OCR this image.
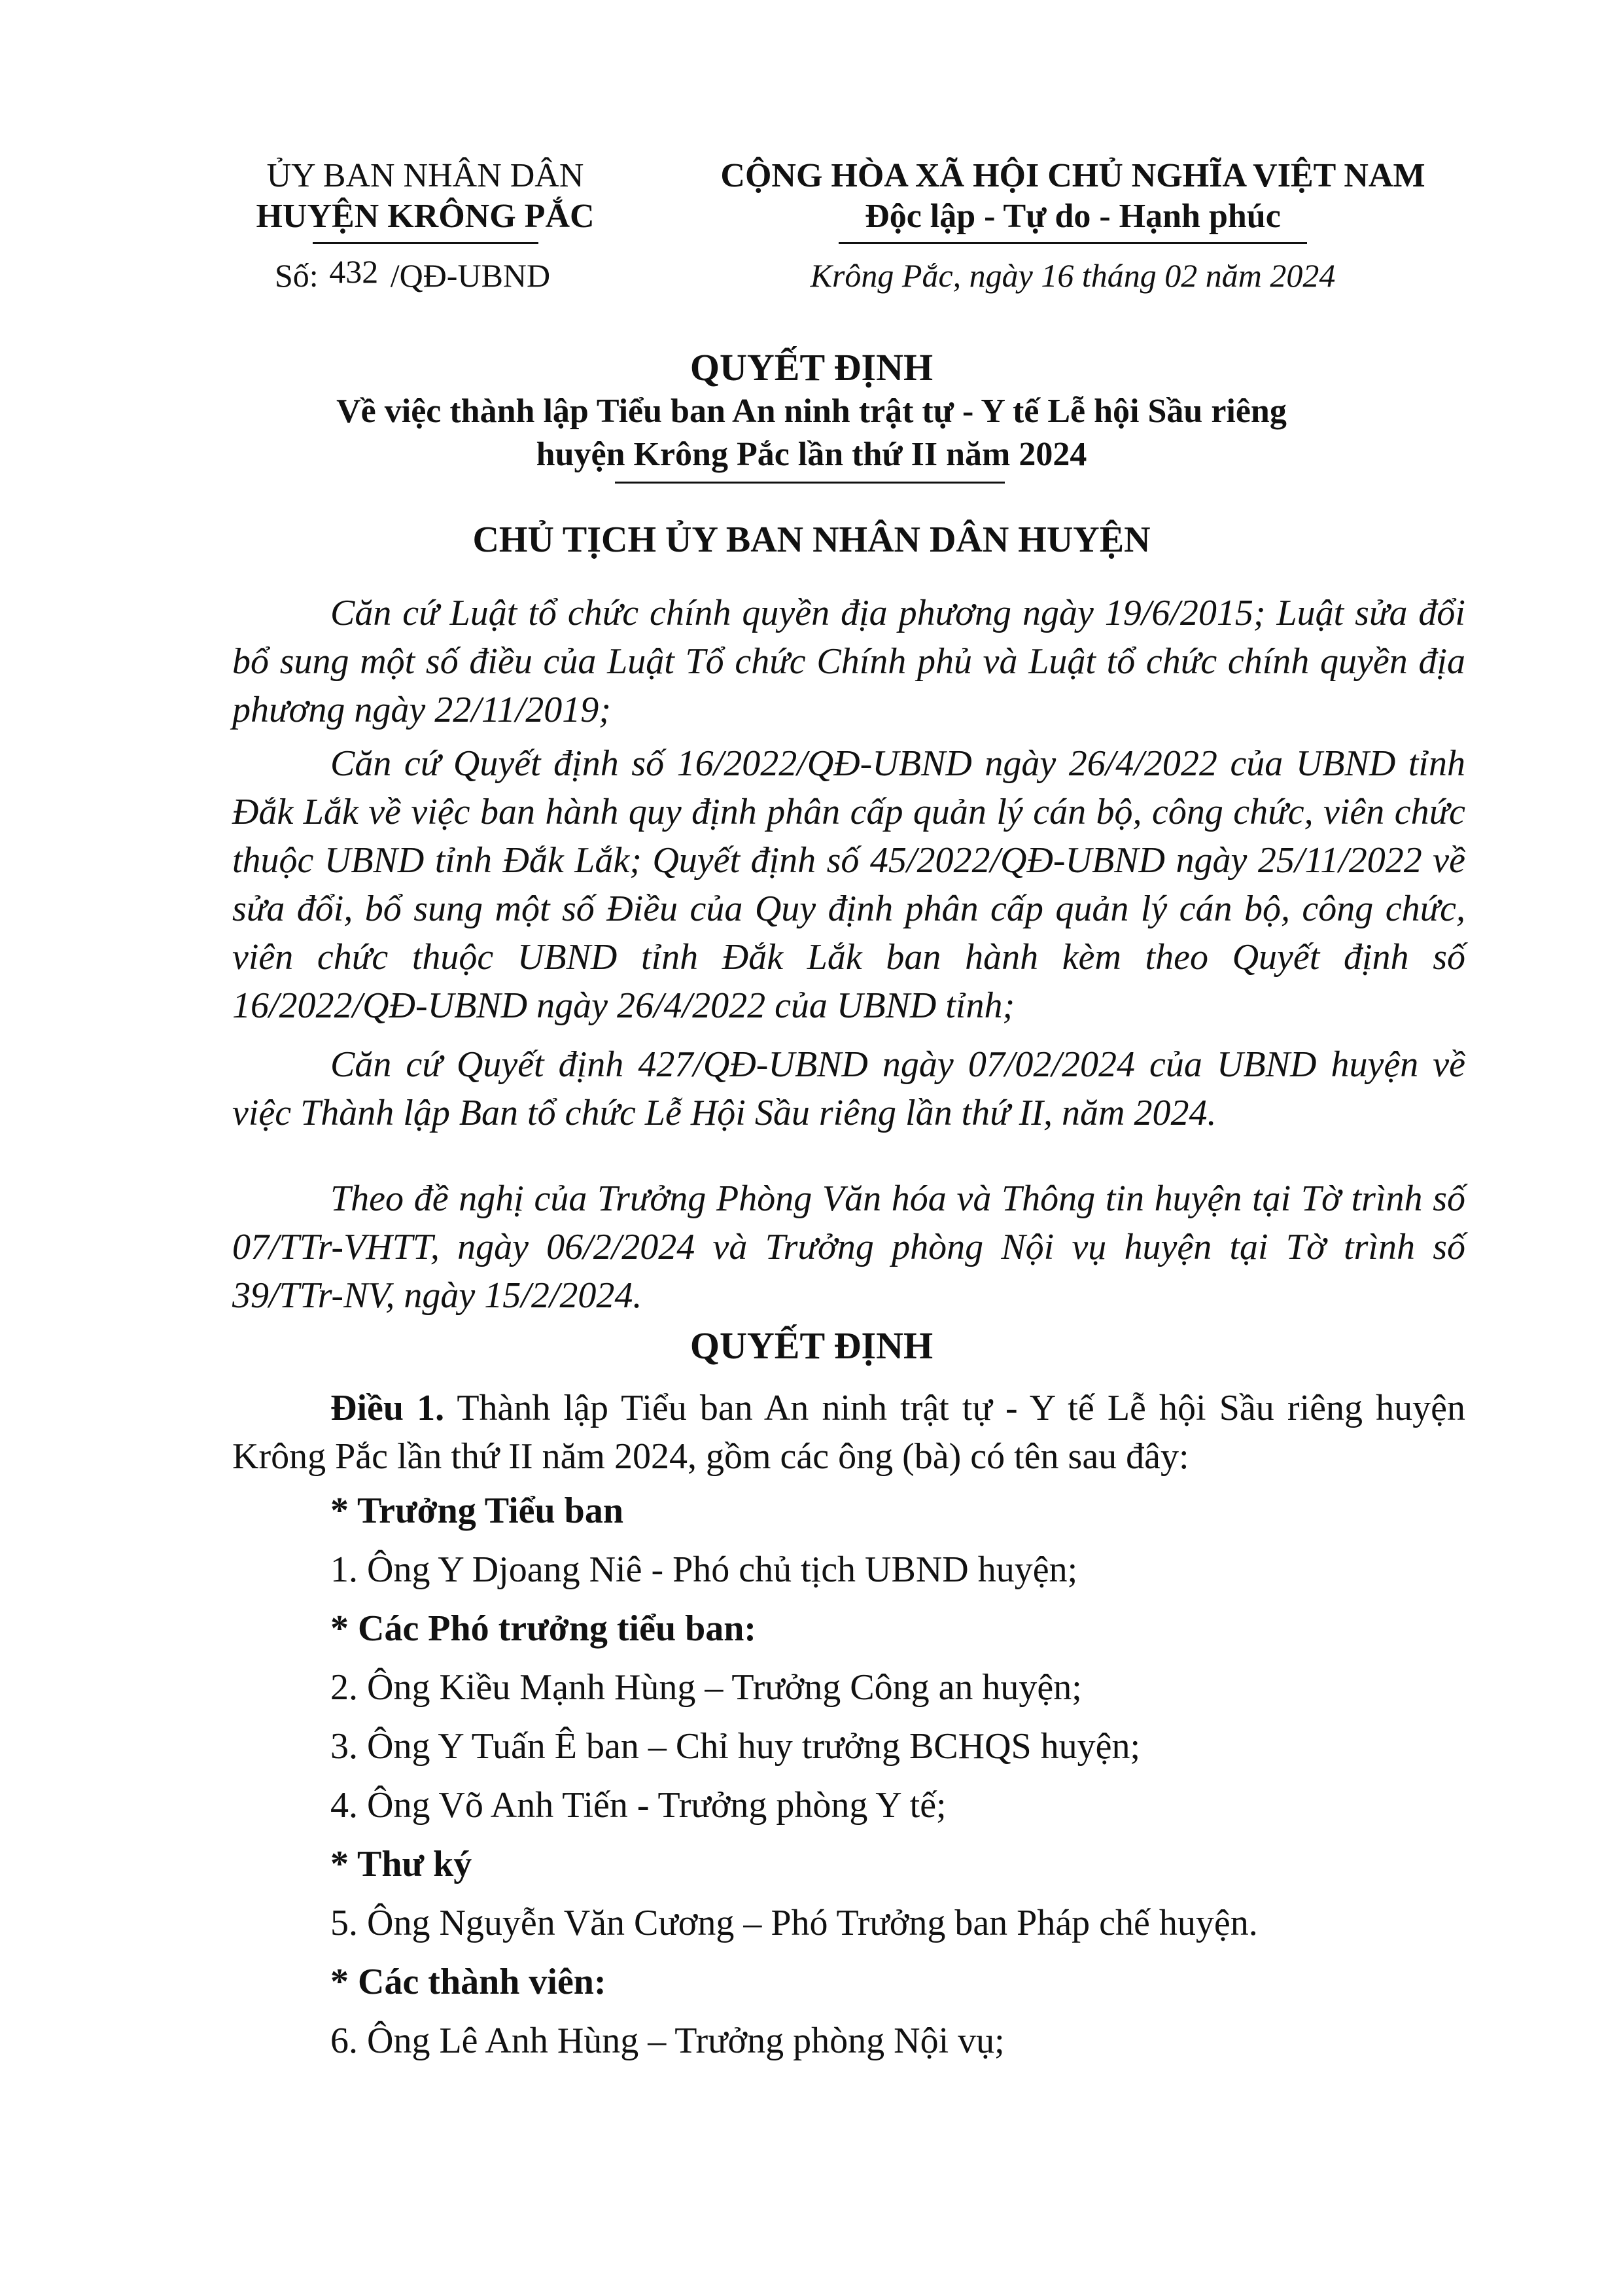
ỦY BAN NHÂN DÂN
HUYỆN KRÔNG PẮC
Số: 432 /QĐ-UBND
CỘNG HÒA XÃ HỘI CHỦ NGHĨA VIỆT NAM
Độc lập - Tự do - Hạnh phúc
Krông Pắc, ngày 16 tháng 02 năm 2024
QUYẾT ĐỊNH
Về việc thành lập Tiểu ban An ninh trật tự - Y tế Lễ hội Sầu riêng
huyện Krông Pắc lần thứ II năm 2024
CHỦ TỊCH ỦY BAN NHÂN DÂN HUYỆN
Căn cứ Luật tổ chức chính quyền địa phương ngày 19/6/2015; Luật sửa đổi bổ sung một số điều của Luật Tổ chức Chính phủ và Luật tổ chức chính quyền địa phương ngày 22/11/2019;
Căn cứ Quyết định số 16/2022/QĐ-UBND ngày 26/4/2022 của UBND tỉnh Đắk Lắk về việc ban hành quy định phân cấp quản lý cán bộ, công chức, viên chức thuộc UBND tỉnh Đắk Lắk; Quyết định số 45/2022/QĐ-UBND ngày 25/11/2022 về sửa đổi, bổ sung một số Điều của Quy định phân cấp quản lý cán bộ, công chức, viên chức thuộc UBND tỉnh Đắk Lắk ban hành kèm theo Quyết định số 16/2022/QĐ-UBND ngày 26/4/2022 của UBND tỉnh;
Căn cứ Quyết định 427/QĐ-UBND ngày 07/02/2024 của UBND huyện về việc Thành lập Ban tổ chức Lễ Hội Sầu riêng lần thứ II, năm 2024.
Theo đề nghị của Trưởng Phòng Văn hóa và Thông tin huyện tại Tờ trình số 07/TTr-VHTT, ngày 06/2/2024 và Trưởng phòng Nội vụ huyện tại Tờ trình số 39/TTr-NV, ngày 15/2/2024.
QUYẾT ĐỊNH
Điều 1. Thành lập Tiểu ban An ninh trật tự - Y tế Lễ hội Sầu riêng huyện Krông Pắc lần thứ II năm 2024, gồm các ông (bà) có tên sau đây:
* Trưởng Tiểu ban
1. Ông Y Djoang Niê - Phó chủ tịch UBND huyện;
* Các Phó trưởng tiểu ban:
2. Ông Kiều Mạnh Hùng – Trưởng Công an huyện;
3. Ông Y Tuấn Ê ban – Chỉ huy trưởng BCHQS huyện;
4. Ông Võ Anh Tiến - Trưởng phòng Y tế;
* Thư ký
5. Ông Nguyễn Văn Cương – Phó Trưởng ban Pháp chế huyện.
* Các thành viên:
6. Ông Lê Anh Hùng – Trưởng phòng Nội vụ;
